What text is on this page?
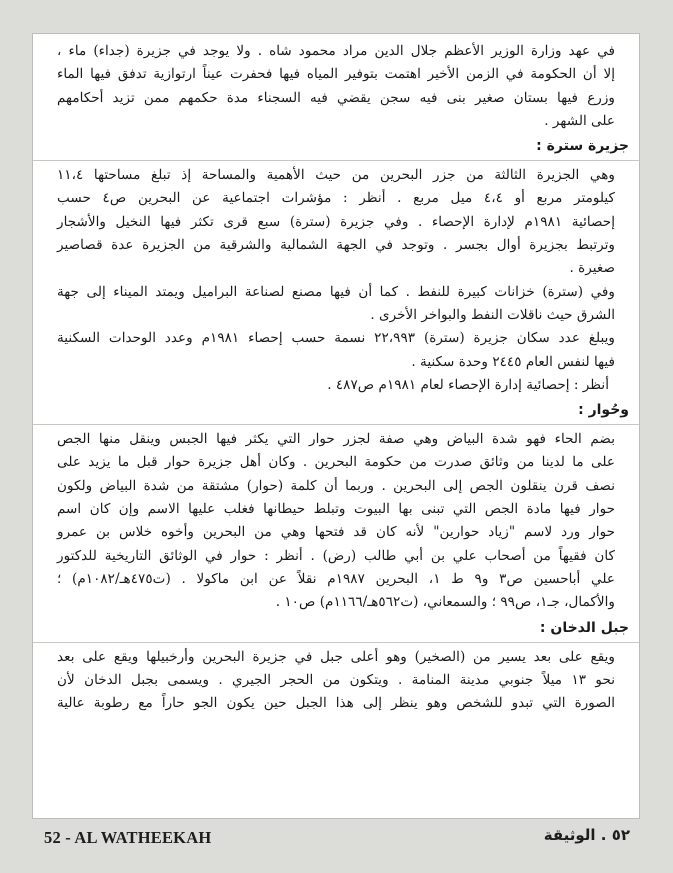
في عهد وزارة الوزير الأعظم جلال الدين مراد محمود شاه . ولا يوجد في جزيرة (جداء) ماء ،
إلا أن الحكومة في الزمن الأخير اهتمت بتوفير المياه فيها فحفرت عيناً ارتوازية تدفق فيها الماء
وزرع فيها بستان صغير بنى فيه سجن يقضي فيه السجناء مدة حكمهم ممن تزيد أحكامهم
على الشهر .
جزيرة سترة :
وهي الجزيرة الثالثة من جزر البحرين من حيث الأهمية والمساحة إذ تبلغ مساحتها ١١،٤
كيلومتر مربع أو ٤،٤ ميل مربع . أنظر : مؤشرات اجتماعية عن البحرين ص٤ حسب
إحصائية ١٩٨١م لإدارة الإحصاء . وفي جزيرة (سترة) سبع قرى تكثر فيها النخيل والأشجار
وترتبط بجزيرة أوال بجسر . وتوجد في الجهة الشمالية والشرقية من الجزيرة عدة قصاصير
صغيرة .
وفي (سترة) خزانات كبيرة للنفط . كما أن فيها مصنع لصناعة البراميل ويمتد الميناء إلى جهة
الشرق حيث ناقلات النفط والبواخر الأخرى .
ويبلغ عدد سكان جزيرة (سترة) ٢٢،٩٩٣ نسمة حسب إحصاء ١٩٨١م وعدد الوحدات السكنية
فيها لنفس العام ٢٤٤٥ وحدة سكنية .
أنظر : إحصائية إدارة الإحصاء لعام ١٩٨١م ص٤٨٧ .
وحُوار :
بضم الحاء فهو شدة البياض وهي صفة لجزر حوار التي يكثر فيها الجبس وينقل منها الجص
على ما لدينا من وثائق صدرت من حكومة البحرين . وكان أهل جزيرة حوار قبل ما يزيد على
نصف قرن ينقلون الجص إلى البحرين . وربما أن كلمة (حوار) مشتقة من شدة البياض ولكون
حوار فيها مادة الجص التي تبنى بها البيوت وتبلط حيطانها فغلب عليها الاسم وإن كان اسم
حوار ورد لاسم "زياد حوارين" لأنه كان قد فتحها وهي من البحرين وأخوه خلاس بن عمرو
كان فقيهاً من أصحاب علي بن أبي طالب (رض) . أنظر : حوار في الوثائق التاريخية للدكتور
علي أباحسين ص٣ و٩ ط ١، البحرين ١٩٨٧م نقلاً عن ابن ماكولا . (ت٤٧٥هـ/١٠٨٢م) ؛
والأكمال، جـ١، ص٩٩ ؛ والسمعاني، (ت٥٦٢هـ/١١٦٦م) ص١٠ .
جبل الدخان :
ويقع على بعد يسير من (الصخير) وهو أعلى جبل في جزيرة البحرين وأرخبيلها ويقع على بعد
نحو ١٣ ميلاً جنوبي مدينة المنامة . ويتكون من الحجر الجيري . ويسمى بجبل الدخان لأن
الصورة التي تبدو للشخص وهو ينظر إلى هذا الجبل حين يكون الجو حاراً مع رطوبة عالية
52 - AL WATHEEKAH	٥٢ . الوثيقة
